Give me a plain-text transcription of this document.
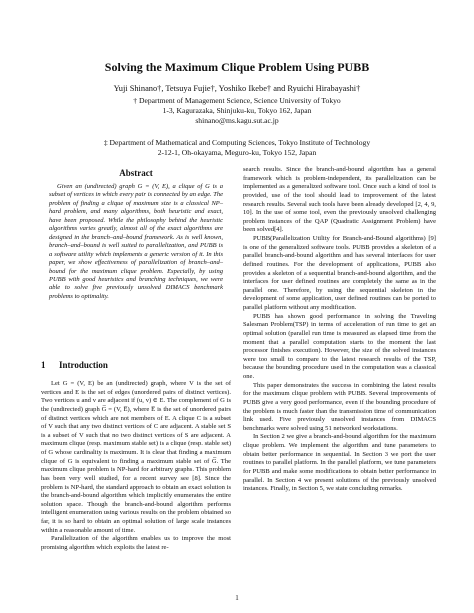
Solving the Maximum Clique Problem Using PUBB
Yuji Shinano†, Tetsuya Fujie†, Yoshiko Ikebe† and Ryuichi Hirabayashi†
† Department of Management Science, Science University of Tokyo
1-3, Kagurazaka, Shinjuku-ku, Tokyo 162, Japan
shinano@ms.kagu.sut.ac.jp
‡ Department of Mathematical and Computing Sciences, Tokyo Institute of Technology
2-12-1, Oh-okayama, Meguro-ku, Tokyo 152, Japan
Abstract

Given an (undirected) graph G = (V, E), a clique of G is a subset of vertices in which every pair is connected by an edge. The problem of finding a clique of maximum size is a classical NP–hard problem, and many algorithms, both heuristic and exact, have been proposed. While the philosophy behind the heuristic algorithms varies greatly, almost all of the exact algorithms are designed in the branch–and–bound framework. As is well known, branch–and–bound is well suited to parallelization, and PUBB is a software utility which implements a generic version of it. In this paper, we show effectiveness of parallelization of branch–and–bound for the maximum clique problem. Especially, by using PUBB with good heuristics and branching techniques, we were able to solve five previously unsolved DIMACS benchmark problems to optimality.

1 Introduction

Let G = (V, E) be an (undirected) graph, where V is the set of vertices and E is the set of edges (unordered pairs of distinct vertices). Two vertices u and v are adjacent if (u, v) ∈ E. The complement of G is the (undirected) graph G̅ = (V, E̅), where E̅ is the set of unordered pairs of distinct vertices which are not members of E. A clique C is a subset of V such that any two distinct vertices of C are adjacent. A stable set S is a subset of V such that no two distinct vertices of S are adjacent. A maximum clique (resp. maximum stable set) is a clique (resp. stable set) of G whose cardinality is maximum. It is clear that finding a maximum clique of G is equivalent to finding a maximum stable set of G̅. The maximum clique problem is NP-hard for arbitrary graphs. This problem has been very well studied, for a recent survey see [8]. Since the problem is NP-hard, the standard approach to obtain an exact solution is the branch-and-bound algorithm which implicitly enumerates the entire solution space. Though the branch-and-bound algorithm performs intelligent enumeration using various results on the problem obtained so far, it is so hard to obtain an optimal solution of large scale instances within a reasonable amount of time.

Parallelization of the algorithm enables us to improve the most promising algorithm which exploits the latest re-

search results. Since the branch-and-bound algorithm has a general framework which is problem-independent, its parallelization can be implemented as a generalized software tool. Once such a kind of tool is provided, use of the tool should lead to improvement of the latest research results. Several such tools have been already developed [2, 4, 9, 10]. In the use of some tool, even the previously unsolved challenging problem instances of the QAP (Quadratic Assignment Problem) have been solved[4].

PUBB(Parallelization Utility for Branch-and-Bound algorithms) [9] is one of the generalized software tools. PUBB provides a skeleton of a parallel branch-and-bound algorithm and has several interfaces for user defined routines. For the development of applications, PUBB also provides a skeleton of a sequential branch-and-bound algorithm, and the interfaces for user defined routines are completely the same as in the parallel one. Therefore, by using the sequential skeleton in the development of some application, user defined routines can be ported to parallel platform without any modification.

PUBB has shown good performance in solving the Traveling Salesman Problem(TSP) in terms of acceleration of run time to get an optimal solution (parallel run time is measured as elapsed time from the moment that a parallel computation starts to the moment the last processor finishes execution). However, the size of the solved instances were too small to compare to the latest research results of the TSP, because the bounding procedure used in the computation was a classical one.

This paper demonstrates the success in combining the latest results for the maximum clique problem with PUBB. Several improvements of PUBB give a very good performance, even if the bounding procedure of the problem is much faster than the transmission time of communication link used. Five previously unsolved instances from DIMACS benchmarks were solved using 51 networked workstations.

In Section 2 we give a branch-and-bound algorithm for the maximum clique problem. We implement the algorithm and tune parameters to obtain better performance in sequential. In Section 3 we port the user routines to parallel platform. In the parallel platform, we tune parameters for PUBB and make some modifications to obtain better performance in parallel. In Section 4 we present solutions of the previously unsolved instances. Finally, in Section 5, we state concluding remarks.

1
